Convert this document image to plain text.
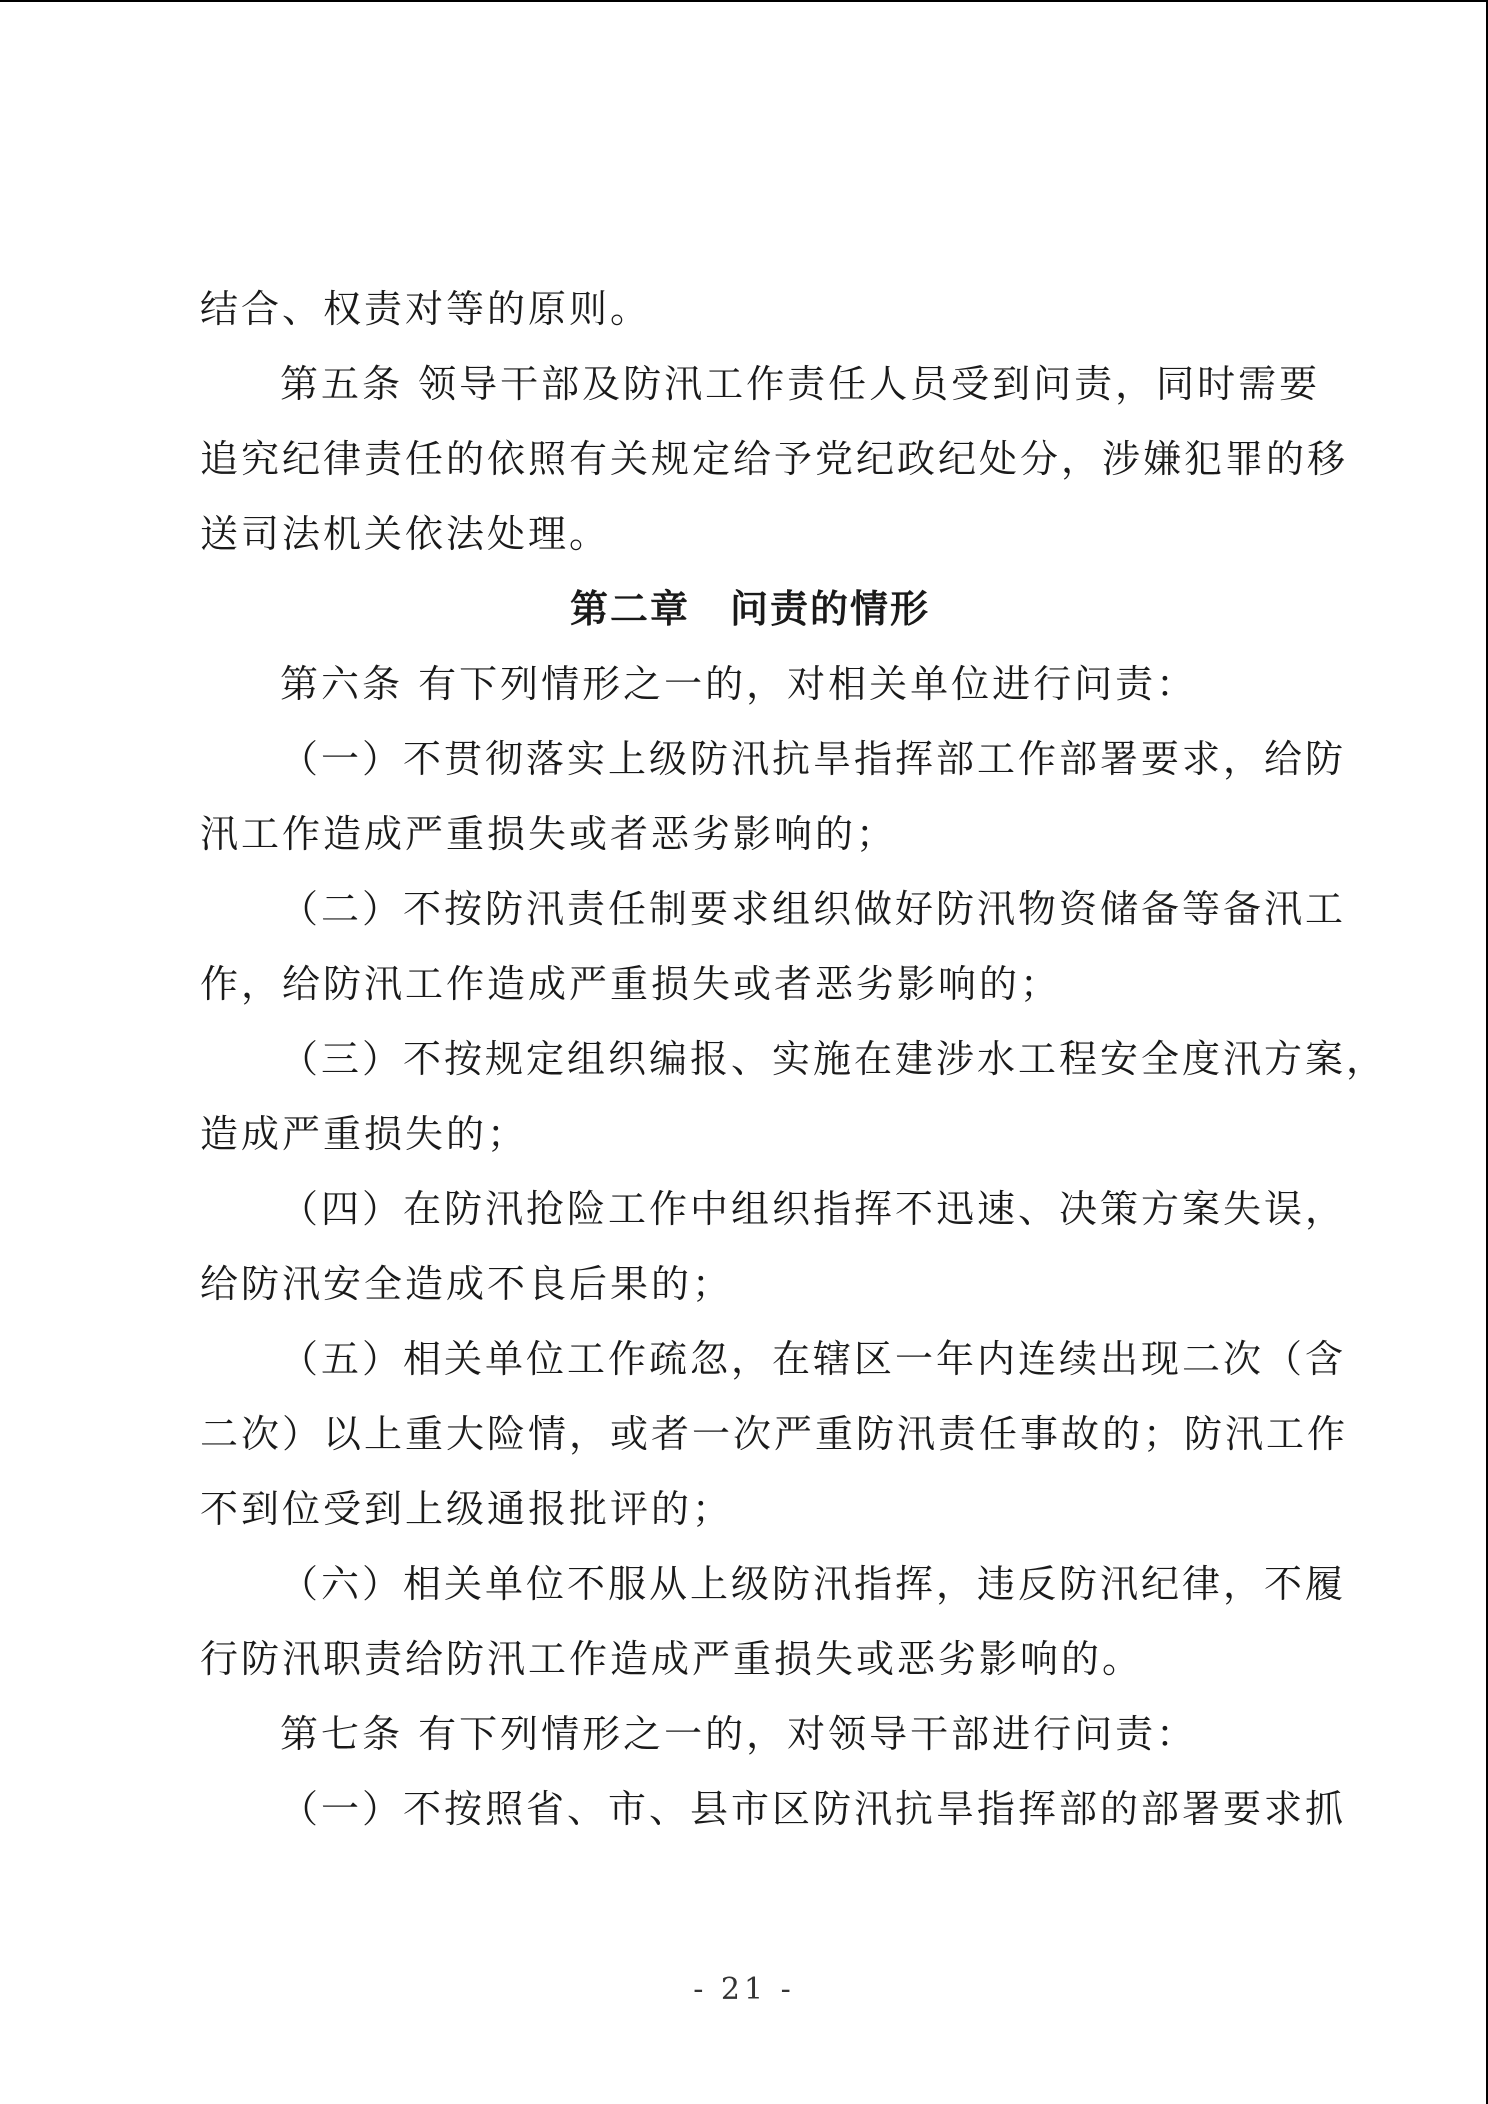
结合、权责对等的原则。
第五条 领导干部及防汛工作责任人员受到问责，同时需要
追究纪律责任的依照有关规定给予党纪政纪处分，涉嫌犯罪的移
送司法机关依法处理。
第二章　问责的情形
第六条 有下列情形之一的，对相关单位进行问责：
（一）不贯彻落实上级防汛抗旱指挥部工作部署要求，给防
汛工作造成严重损失或者恶劣影响的；
（二）不按防汛责任制要求组织做好防汛物资储备等备汛工
作，给防汛工作造成严重损失或者恶劣影响的；
（三）不按规定组织编报、实施在建涉水工程安全度汛方案，
造成严重损失的；
（四）在防汛抢险工作中组织指挥不迅速、决策方案失误，
给防汛安全造成不良后果的；
（五）相关单位工作疏忽，在辖区一年内连续出现二次（含
二次）以上重大险情，或者一次严重防汛责任事故的；防汛工作
不到位受到上级通报批评的；
（六）相关单位不服从上级防汛指挥，违反防汛纪律，不履
行防汛职责给防汛工作造成严重损失或恶劣影响的。
第七条 有下列情形之一的，对领导干部进行问责：
（一）不按照省、市、县市区防汛抗旱指挥部的部署要求抓
- 21 -
